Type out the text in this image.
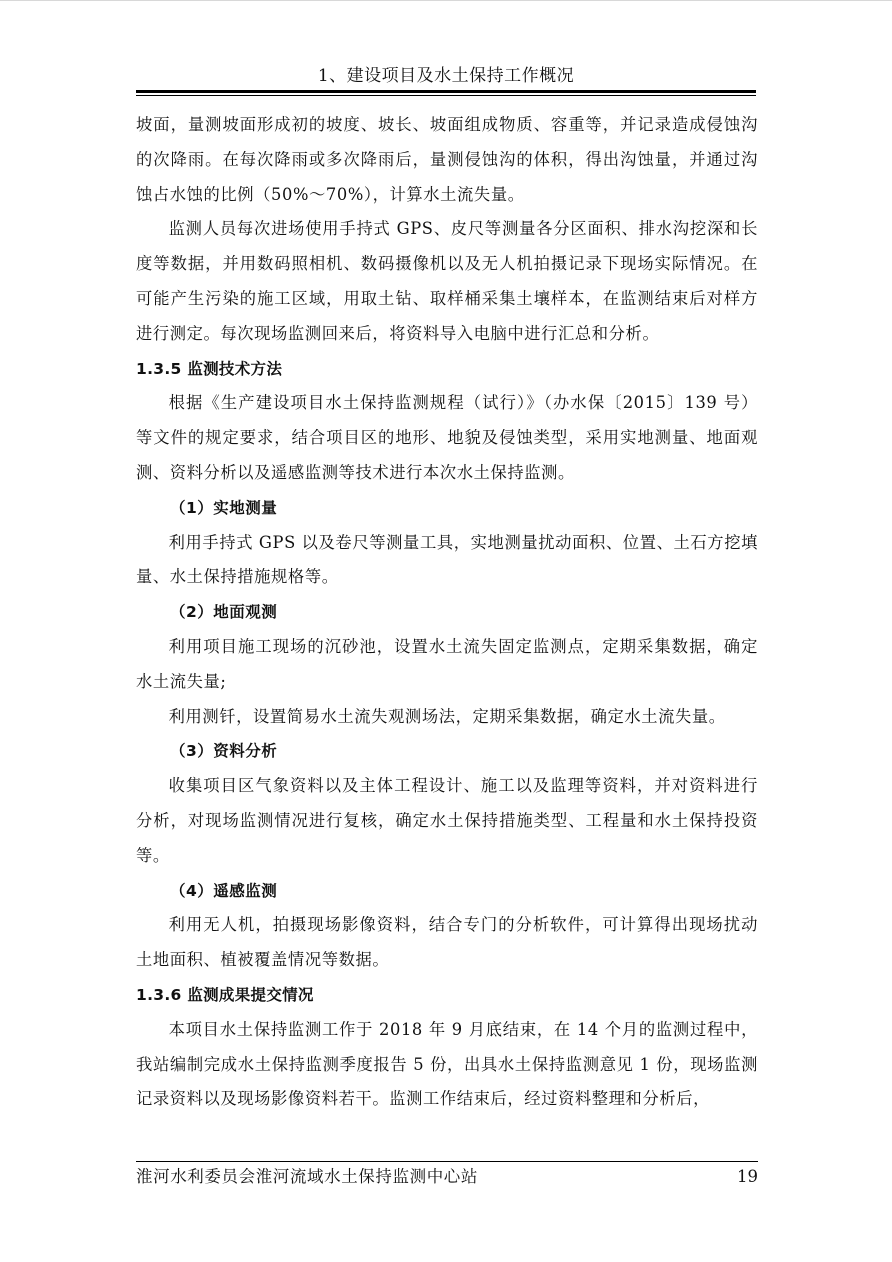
1、建设项目及水土保持工作概况

坡面，量测坡面形成初的坡度、坡长、坡面组成物质、容重等，并记录造成侵蚀沟的次降雨。在每次降雨或多次降雨后，量测侵蚀沟的体积，得出沟蚀量，并通过沟蚀占水蚀的比例（50%～70%），计算水土流失量。

监测人员每次进场使用手持式 GPS、皮尺等测量各分区面积、排水沟挖深和长度等数据，并用数码照相机、数码摄像机以及无人机拍摄记录下现场实际情况。在可能产生污染的施工区域，用取土钻、取样桶采集土壤样本，在监测结束后对样方进行测定。每次现场监测回来后，将资料导入电脑中进行汇总和分析。

1.3.5 监测技术方法

根据《生产建设项目水土保持监测规程（试行）》（办水保〔2015〕139 号）等文件的规定要求，结合项目区的地形、地貌及侵蚀类型，采用实地测量、地面观测、资料分析以及遥感监测等技术进行本次水土保持监测。

（1）实地测量

利用手持式 GPS 以及卷尺等测量工具，实地测量扰动面积、位置、土石方挖填量、水土保持措施规格等。

（2）地面观测

利用项目施工现场的沉砂池，设置水土流失固定监测点，定期采集数据，确定水土流失量;

利用测钎，设置简易水土流失观测场法，定期采集数据，确定水土流失量。

（3）资料分析

收集项目区气象资料以及主体工程设计、施工以及监理等资料，并对资料进行分析，对现场监测情况进行复核，确定水土保持措施类型、工程量和水土保持投资等。

（4）遥感监测

利用无人机，拍摄现场影像资料，结合专门的分析软件，可计算得出现场扰动土地面积、植被覆盖情况等数据。

1.3.6 监测成果提交情况

本项目水土保持监测工作于 2018 年 9 月底结束，在 14 个月的监测过程中，我站编制完成水土保持监测季度报告 5 份，出具水土保持监测意见 1 份，现场监测记录资料以及现场影像资料若干。监测工作结束后，经过资料整理和分析后，

淮河水利委员会淮河流域水土保持监测中心站	19
